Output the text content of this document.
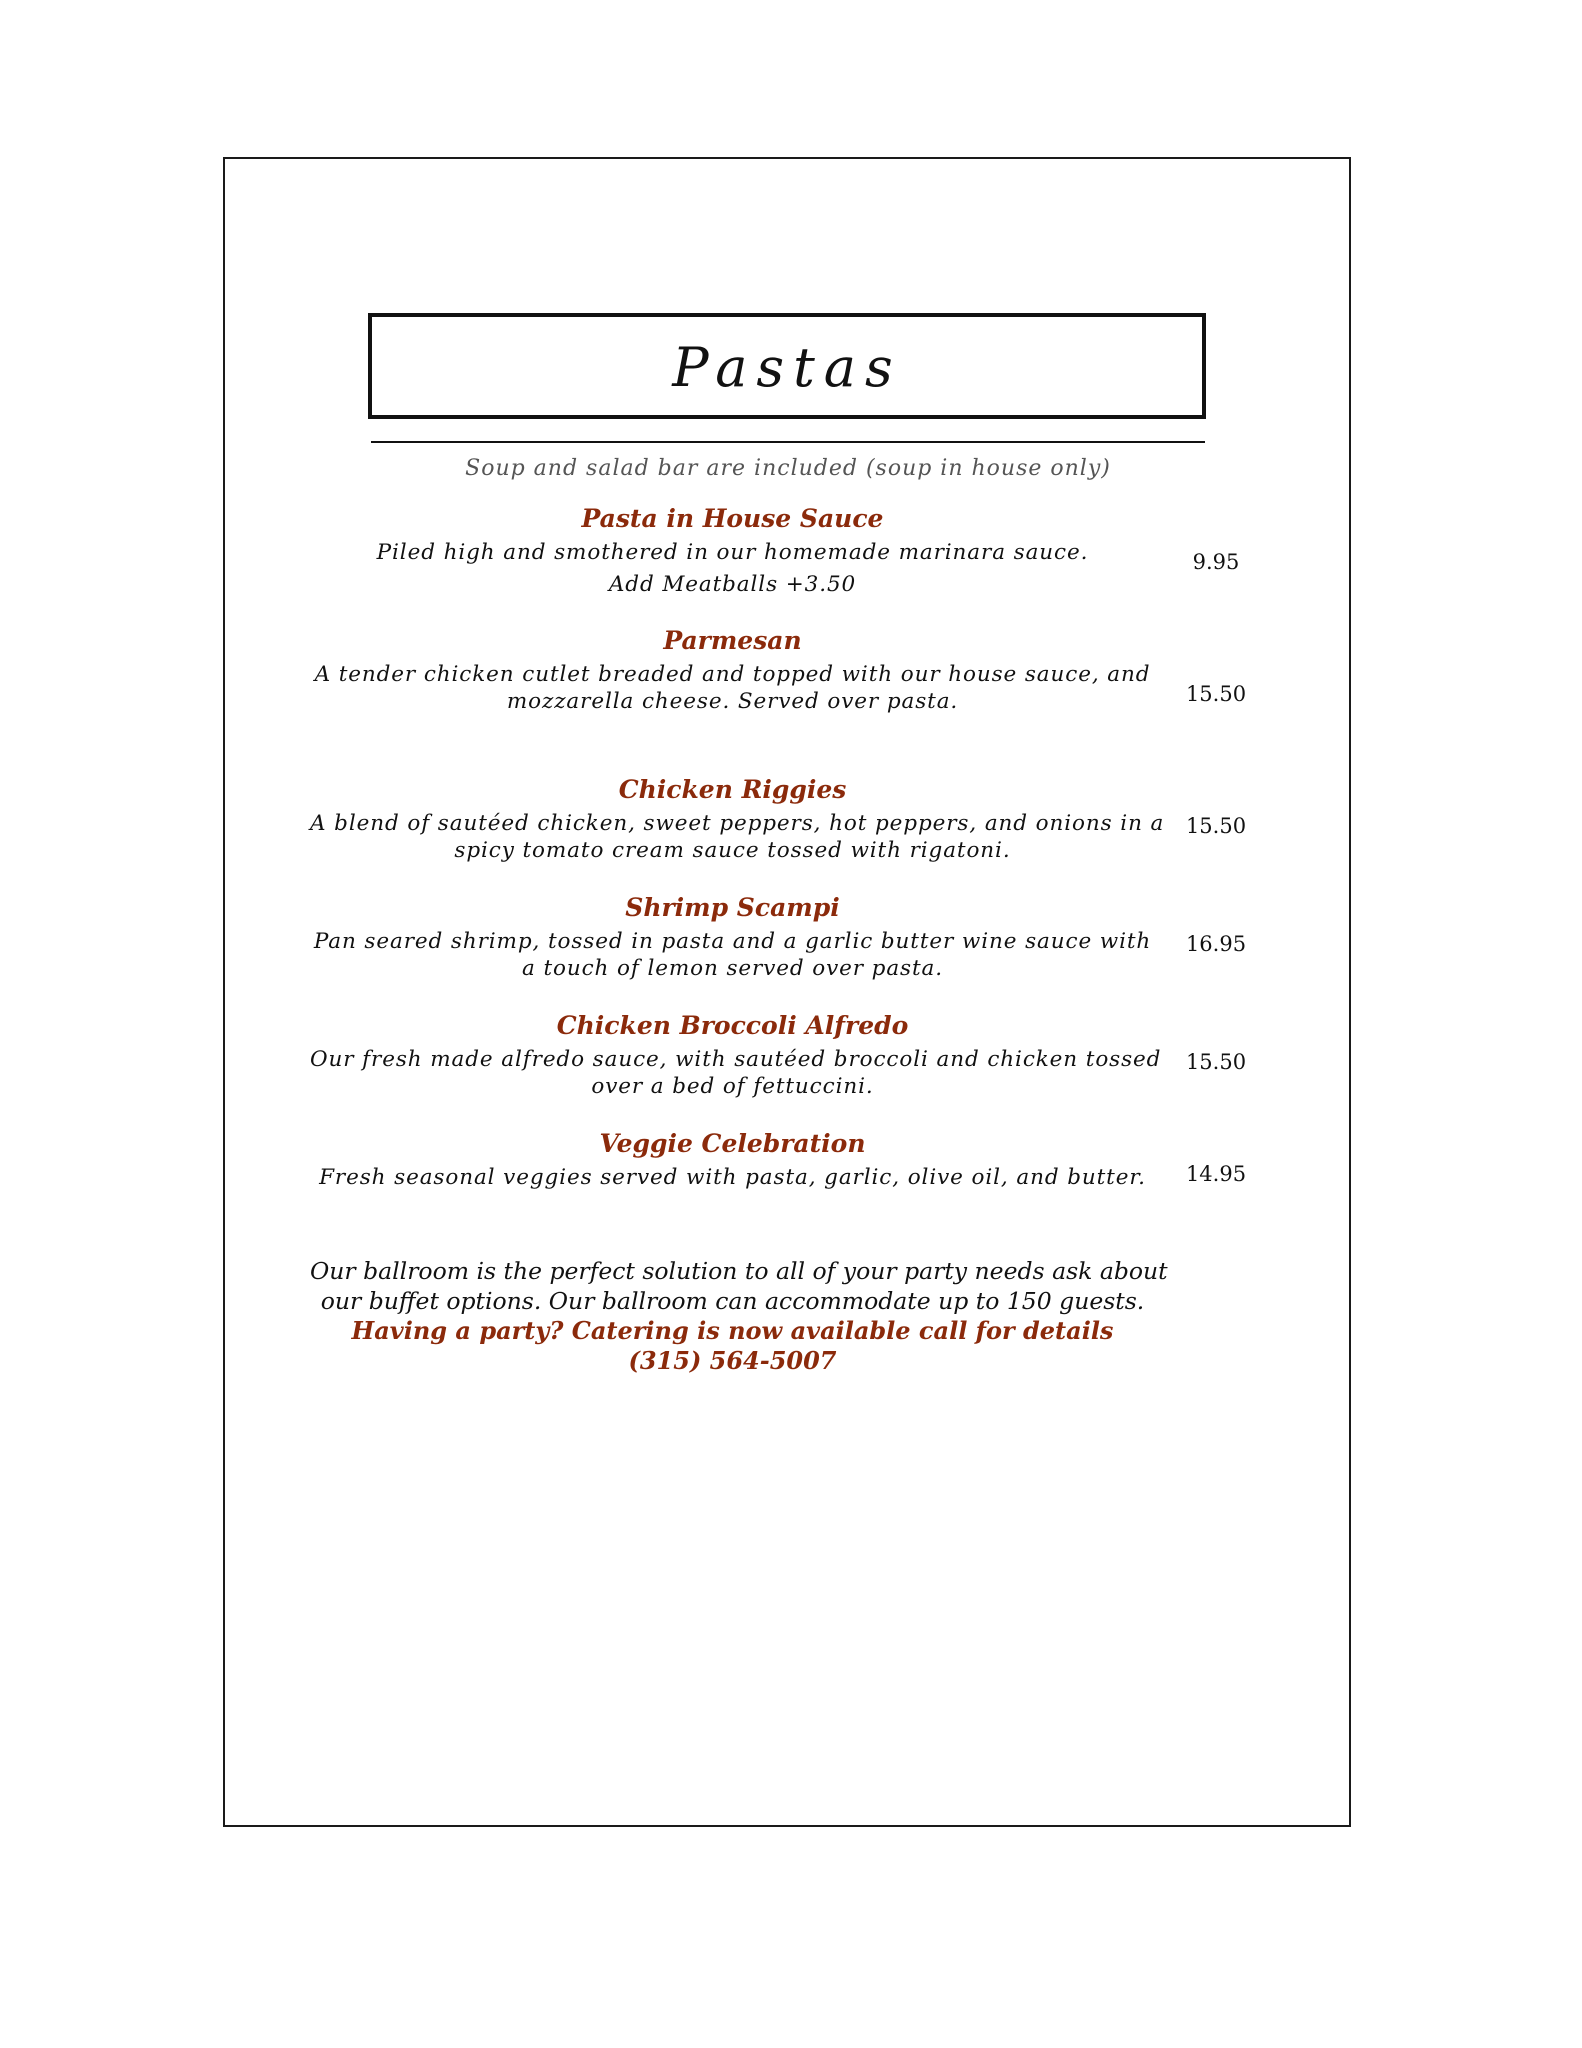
Pastas
Soup and salad bar are included (soup in house only)
Pasta in House Sauce
Piled high and smothered in our homemade marinara sauce.
Add Meatballs +3.50
9.95
Parmesan
A tender chicken cutlet breaded and topped with our house sauce, and
mozzarella cheese. Served over pasta.	15.50
Chicken Riggies
A blend of sautéed chicken, sweet peppers, hot peppers, and onions in a
spicy tomato cream sauce tossed with rigatoni.
15.50
Shrimp Scampi
Pan seared shrimp, tossed in pasta and a garlic butter wine sauce with
a touch of lemon served over pasta.
16.95
Chicken Broccoli Alfredo
Our fresh made alfredo sauce, with sautéed broccoli and chicken tossed
over a bed of fettuccini.
15.50
Veggie Celebration
Fresh seasonal veggies served with pasta, garlic, olive oil, and butter.	14.95
Our ballroom is the perfect solution to all of your party needs ask about
our buffet options. Our ballroom can accommodate up to 150 guests.
Having a party? Catering is now available call for details
(315) 564-5007
